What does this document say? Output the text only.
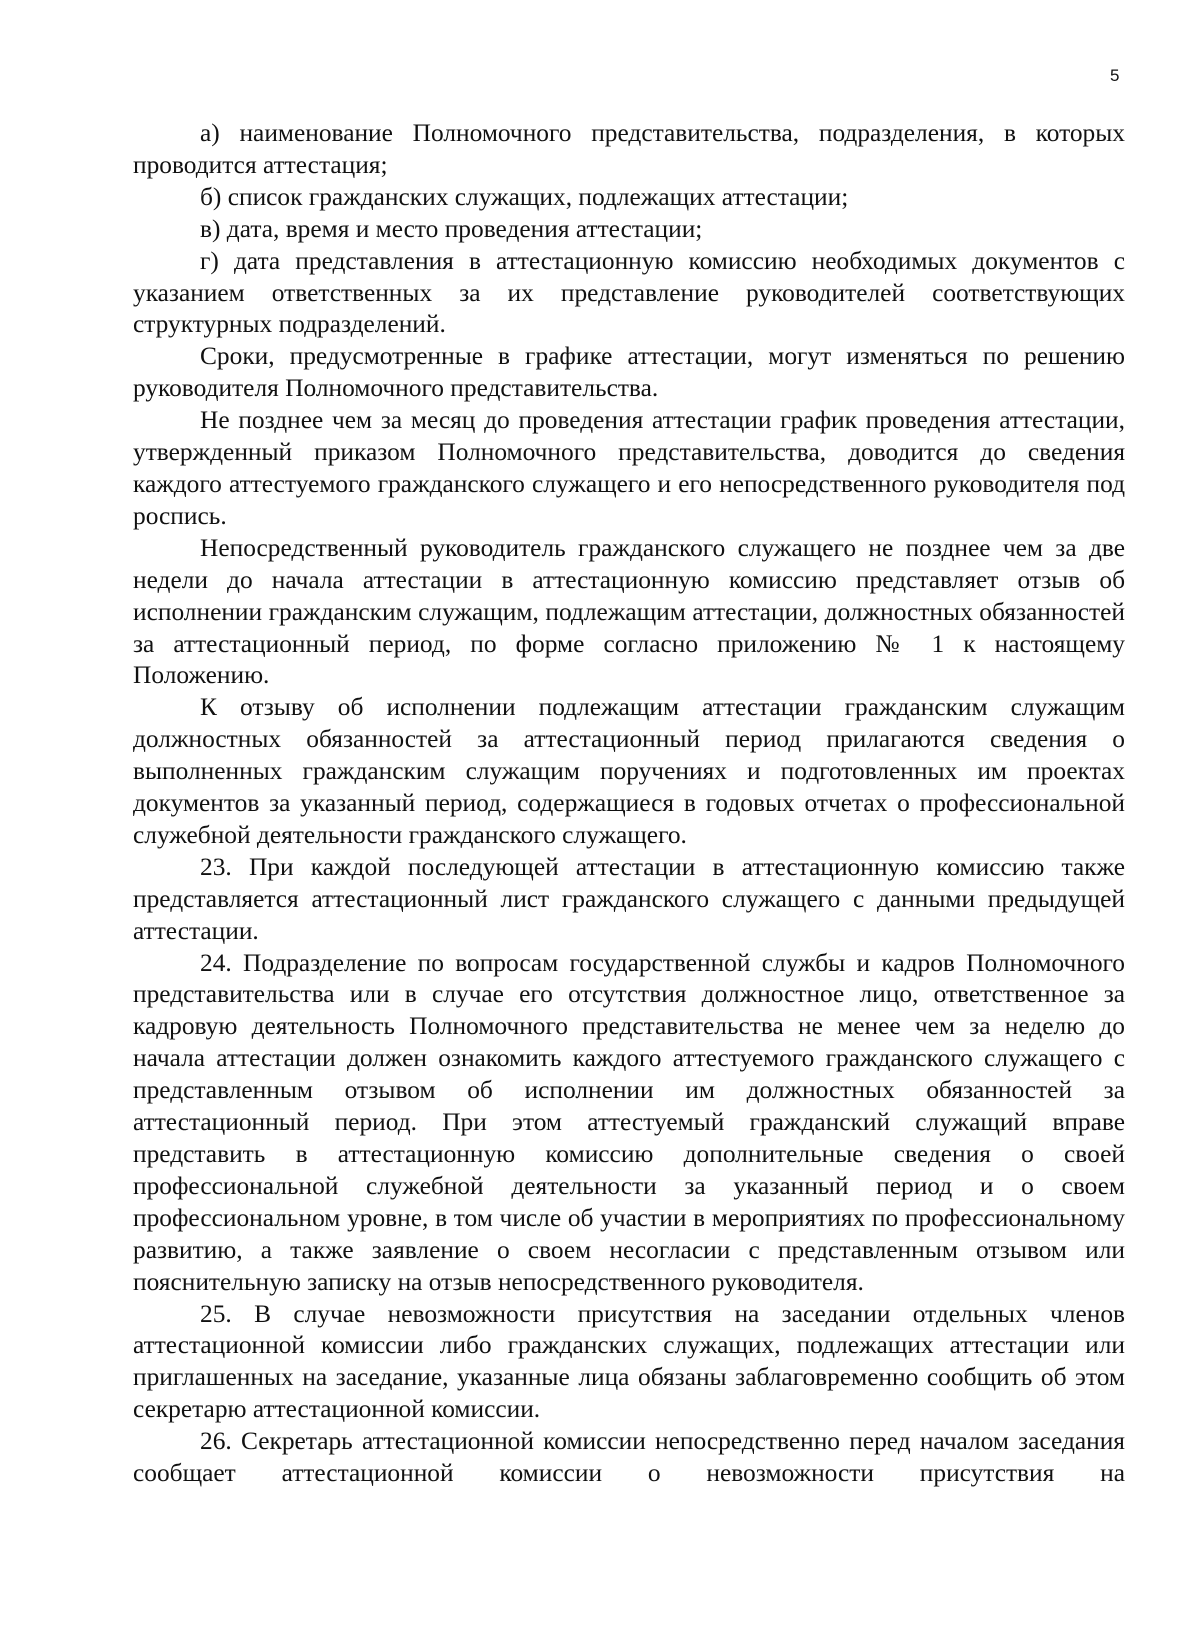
5

а) наименование Полномочного представительства, подразделения, в которых проводится аттестация;

б) список гражданских служащих, подлежащих аттестации;

в) дата, время и место проведения аттестации;

г) дата представления в аттестационную комиссию необходимых документов с указанием ответственных за их представление руководителей соответствующих структурных подразделений.

Сроки, предусмотренные в графике аттестации, могут изменяться по решению руководителя Полномочного представительства.

Не позднее чем за месяц до проведения аттестации график проведения аттестации, утвержденный приказом Полномочного представительства, доводится до сведения каждого аттестуемого гражданского служащего и его непосредственного руководителя под роспись.

Непосредственный руководитель гражданского служащего не позднее чем за две недели до начала аттестации в аттестационную комиссию представляет отзыв об исполнении гражданским служащим, подлежащим аттестации, должностных обязанностей за аттестационный период, по форме согласно приложению № 1 к настоящему Положению.

К отзыву об исполнении подлежащим аттестации гражданским служащим должностных обязанностей за аттестационный период прилагаются сведения о выполненных гражданским служащим поручениях и подготовленных им проектах документов за указанный период, содержащиеся в годовых отчетах о профессиональной служебной деятельности гражданского служащего.

23. При каждой последующей аттестации в аттестационную комиссию также представляется аттестационный лист гражданского служащего с данными предыдущей аттестации.

24. Подразделение по вопросам государственной службы и кадров Полномочного представительства или в случае его отсутствия должностное лицо, ответственное за кадровую деятельность Полномочного представительства не менее чем за неделю до начала аттестации должен ознакомить каждого аттестуемого гражданского служащего с представленным отзывом об исполнении им должностных обязанностей за аттестационный период. При этом аттестуемый гражданский служащий вправе представить в аттестационную комиссию дополнительные сведения о своей профессиональной служебной деятельности за указанный период и о своем профессиональном уровне, в том числе об участии в мероприятиях по профессиональному развитию, а также заявление о своем несогласии с представленным отзывом или пояснительную записку на отзыв непосредственного руководителя.

25. В случае невозможности присутствия на заседании отдельных членов аттестационной комиссии либо гражданских служащих, подлежащих аттестации или приглашенных на заседание, указанные лица обязаны заблаговременно сообщить об этом секретарю аттестационной комиссии.

26. Секретарь аттестационной комиссии непосредственно перед началом заседания сообщает аттестационной комиссии о невозможности присутствия на
